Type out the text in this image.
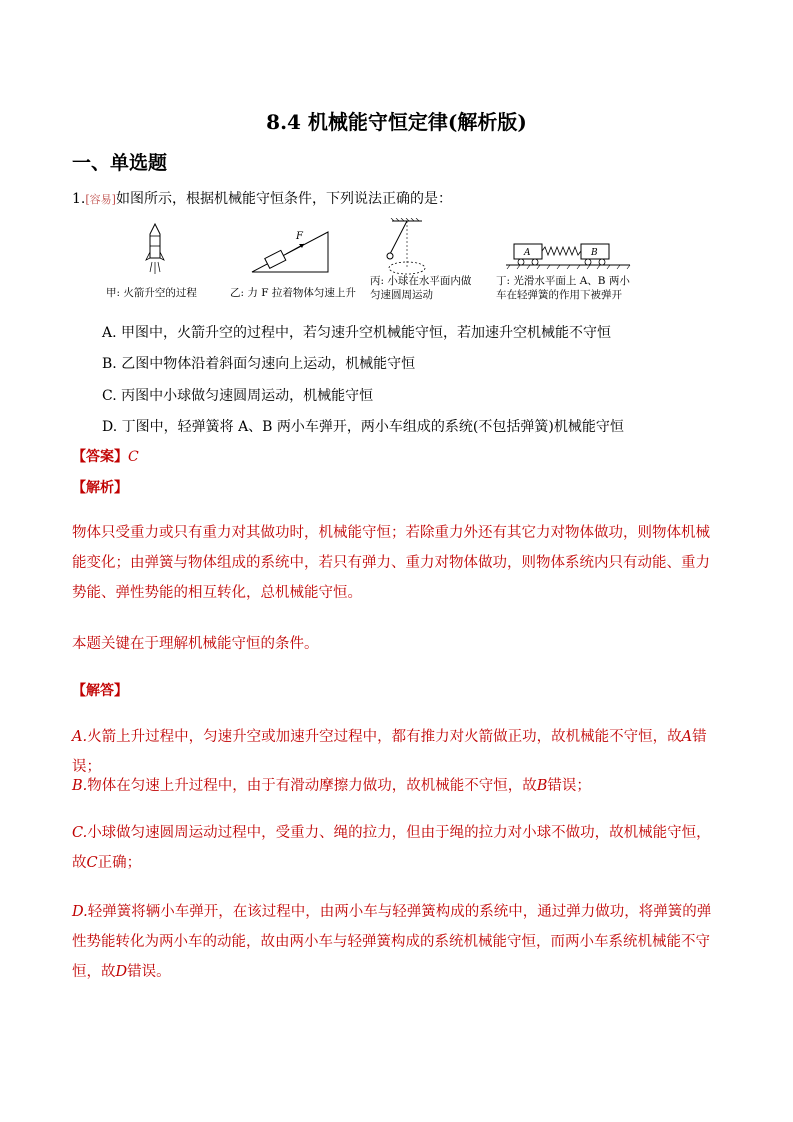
8.4 机械能守恒定律(解析版)
一、单选题
1.[容易]如图所示，根据机械能守恒条件，下列说法正确的是：
甲: 火箭升空的过程
F
乙: 力 F 拉着物体匀速上升
丙: 小球在水平面内做
匀速圆周运动
A	B
丁: 光滑水平面上 A、B 两小
车在轻弹簧的作用下被弹开
A. 甲图中，火箭升空的过程中，若匀速升空机械能守恒，若加速升空机械能不守恒
B. 乙图中物体沿着斜面匀速向上运动，机械能守恒
C. 丙图中小球做匀速圆周运动，机械能守恒
D. 丁图中，轻弹簧将 A、B 两小车弹开，两小车组成的系统(不包括弹簧)机械能守恒
【答案】C
【解析】
物体只受重力或只有重力对其做功时，机械能守恒；若除重力外还有其它力对物体做功，则物体机械能变化；由弹簧与物体组成的系统中，若只有弹力、重力对物体做功，则物体系统内只有动能、重力势能、弹性势能的相互转化，总机械能守恒。
本题关键在于理解机械能守恒的条件。
【解答】
A.火箭上升过程中，匀速升空或加速升空过程中，都有推力对火箭做正功，故机械能不守恒，故A错误；
B.物体在匀速上升过程中，由于有滑动摩擦力做功，故机械能不守恒，故B错误；
C.小球做匀速圆周运动过程中，受重力、绳的拉力，但由于绳的拉力对小球不做功，故机械能守恒，故C正确；
D.轻弹簧将辆小车弹开，在该过程中，由两小车与轻弹簧构成的系统中，通过弹力做功，将弹簧的弹性势能转化为两小车的动能，故由两小车与轻弹簧构成的系统机械能守恒，而两小车系统机械能不守恒，故D错误。
